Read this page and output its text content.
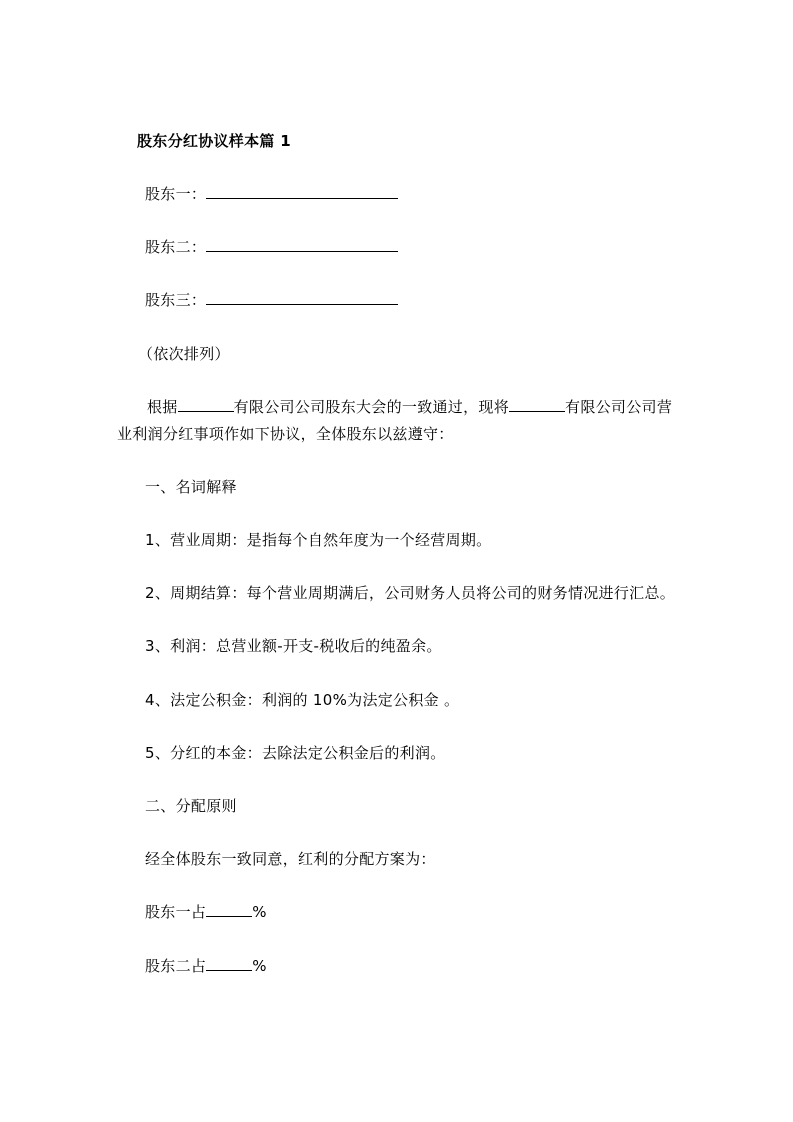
股东分红协议样本篇 1
股东一：
股东二：
股东三：
（依次排列）
根据	有限公司公司股东大会的一致通过，现将	有限公司公司营
业利润分红事项作如下协议，全体股东以兹遵守：
一、名词解释
1、营业周期：是指每个自然年度为一个经营周期。
2、周期结算：每个营业周期满后，公司财务人员将公司的财务情况进行汇总。
3、利润：总营业额-开支-税收后的纯盈余。
4、法定公积金：利润的 10%为法定公积金 。
5、分红的本金：去除法定公积金后的利润。
二、分配原则
经全体股东一致同意，红利的分配方案为：
股东一占	%
股东二占	%
